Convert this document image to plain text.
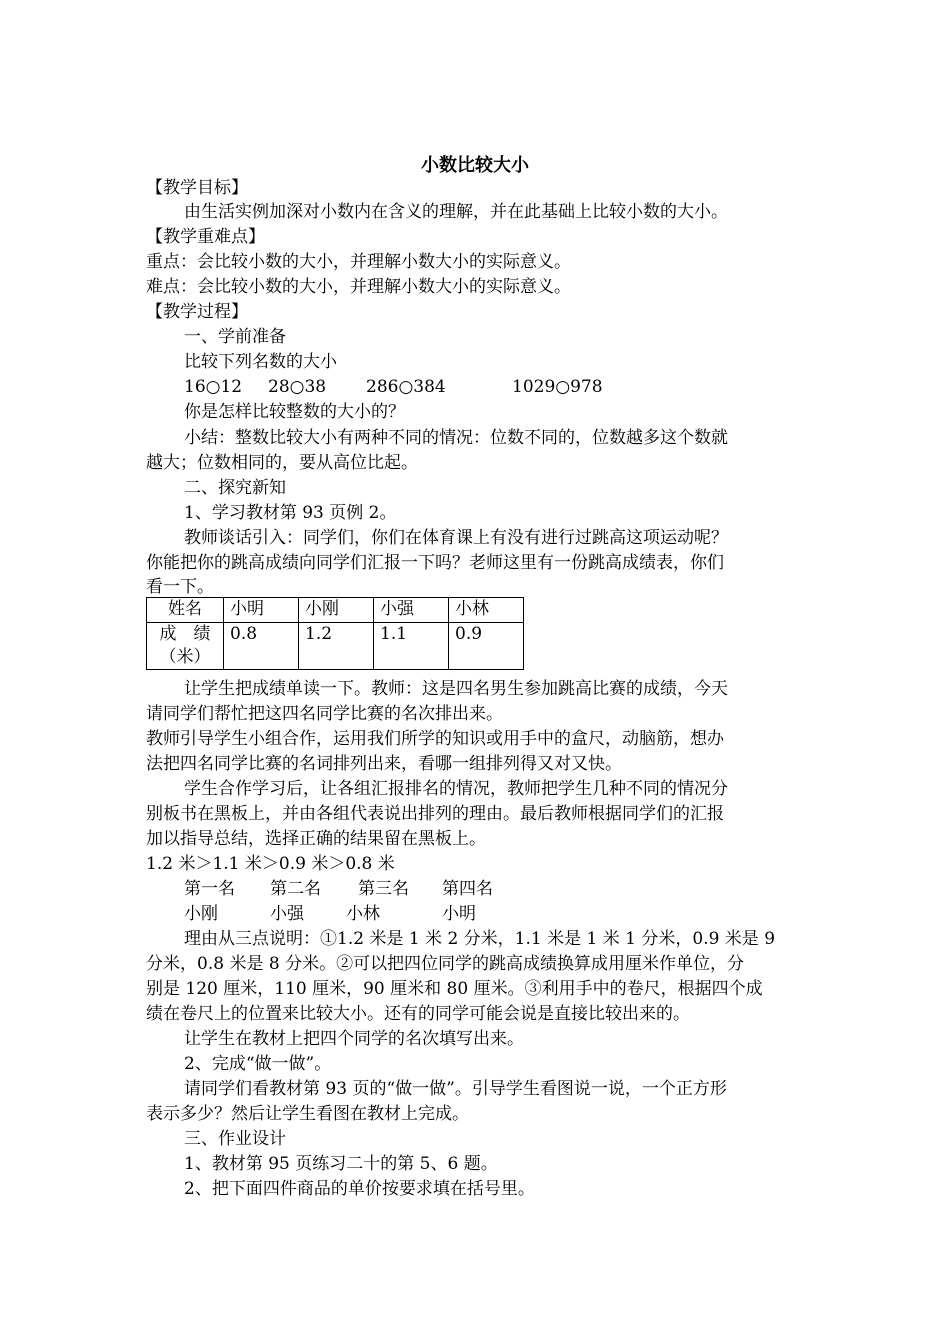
小数比较大小
【教学目标】
由生活实例加深对小数内在含义的理解，并在此基础上比较小数的大小。
【教学重难点】
重点：会比较小数的大小，并理解小数大小的实际意义。
难点：会比较小数的大小，并理解小数大小的实际意义。
【教学过程】
一、学前准备
比较下列名数的大小
16○12 28○38 286○384	1029○978
你是怎样比较整数的大小的？
小结：整数比较大小有两种不同的情况：位数不同的，位数越多这个数就
越大；位数相同的，要从高位比起。
二、探究新知
1、学习教材第 93 页例 2。
教师谈话引入：同学们，你们在体育课上有没有进行过跳高这项运动呢？
你能把你的跳高成绩向同学们汇报一下吗？老师这里有一份跳高成绩表，你们
看一下。
姓名	小明	小刚	小强	小林
成　绩（米）	0.8	1.2	1.1	0.9
让学生把成绩单读一下。教师：这是四名男生参加跳高比赛的成绩，今天
请同学们帮忙把这四名同学比赛的名次排出来。
教师引导学生小组合作，运用我们所学的知识或用手中的盒尺，动脑筋，想办
法把四名同学比赛的名词排列出来，看哪一组排列得又对又快。
学生合作学习后，让各组汇报排名的情况，教师把学生几种不同的情况分
别板书在黑板上，并由各组代表说出排列的理由。最后教师根据同学们的汇报
加以指导总结，选择正确的结果留在黑板上。
1.2 米＞1.1 米＞0.9 米＞0.8 米
第一名 第二名 第三名 第四名
小刚	小强 小林	小明
理由从三点说明：①1.2 米是 1 米 2 分米，1.1 米是 1 米 1 分米，0.9 米是 9
分米，0.8 米是 8 分米。②可以把四位同学的跳高成绩换算成用厘米作单位，分
别是 120 厘米，110 厘米，90 厘米和 80 厘米。③利用手中的卷尺，根据四个成
绩在卷尺上的位置来比较大小。还有的同学可能会说是直接比较出来的。
让学生在教材上把四个同学的名次填写出来。
2、完成“做一做”。
请同学们看教材第 93 页的“做一做”。引导学生看图说一说，一个正方形
表示多少？然后让学生看图在教材上完成。
三、作业设计
1、教材第 95 页练习二十的第 5、6 题。
2、把下面四件商品的单价按要求填在括号里。
